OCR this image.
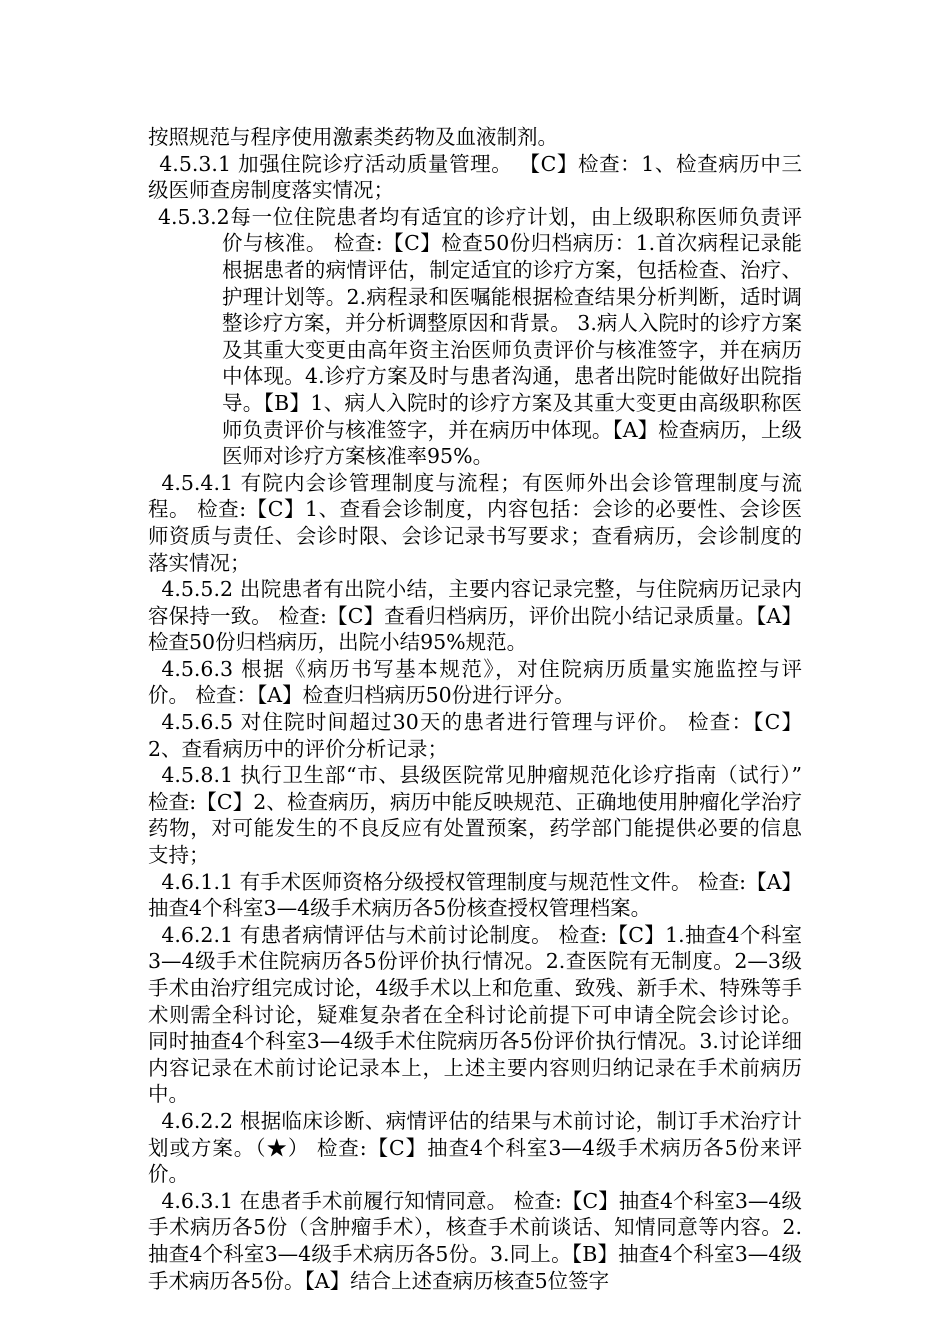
按照规范与程序使用激素类药物及血液制剂。

4.5.3.1 加强住院诊疗活动质量管理。 【C】检查：1、检查病历中三级医师查房制度落实情况；

4.5.3.2每一位住院患者均有适宜的诊疗计划，由上级职称医师负责评价与核准。 检查:【C】检查50份归档病历：1.首次病程记录能根据患者的病情评估，制定适宜的诊疗方案，包括检查、治疗、护理计划等。2.病程录和医嘱能根据检查结果分析判断，适时调整诊疗方案，并分析调整原因和背景。 3.病人入院时的诊疗方案及其重大变更由高年资主治医师负责评价与核准签字，并在病历中体现。4.诊疗方案及时与患者沟通，患者出院时能做好出院指导。【B】1、病人入院时的诊疗方案及其重大变更由高级职称医师负责评价与核准签字，并在病历中体现。【A】检查病历，上级医师对诊疗方案核准率95%。

4.5.4.1 有院内会诊管理制度与流程；有医师外出会诊管理制度与流程。 检查:【C】1、查看会诊制度，内容包括：会诊的必要性、会诊医师资质与责任、会诊时限、会诊记录书写要求；查看病历，会诊制度的落实情况；

4.5.5.2 出院患者有出院小结，主要内容记录完整，与住院病历记录内容保持一致。 检查:【C】查看归档病历，评价出院小结记录质量。【A】检查50份归档病历，出院小结95%规范。

4.5.6.3 根据《病历书写基本规范》，对住院病历质量实施监控与评价。 检查：【A】检查归档病历50份进行评分。

4.5.6.5 对住院时间超过30天的患者进行管理与评价。 检查：【C】2、查看病历中的评价分析记录；

4.5.8.1 执行卫生部“市、县级医院常见肿瘤规范化诊疗指南（试行）” 检查:【C】2、检查病历，病历中能反映规范、正确地使用肿瘤化学治疗药物，对可能发生的不良反应有处置预案，药学部门能提供必要的信息支持；

4.6.1.1 有手术医师资格分级授权管理制度与规范性文件。 检查:【A】抽查4个科室3—4级手术病历各5份核查授权管理档案。

4.6.2.1 有患者病情评估与术前讨论制度。 检查:【C】1.抽查4个科室3—4级手术住院病历各5份评价执行情况。2.查医院有无制度。2—3级手术由治疗组完成讨论，4级手术以上和危重、致残、新手术、特殊等手术则需全科讨论，疑难复杂者在全科讨论前提下可申请全院会诊讨论。同时抽查4个科室3—4级手术住院病历各5份评价执行情况。3.讨论详细内容记录在术前讨论记录本上，上述主要内容则归纳记录在手术前病历中。

4.6.2.2 根据临床诊断、病情评估的结果与术前讨论，制订手术治疗计划或方案。（★） 检查:【C】抽查4个科室3—4级手术病历各5份来评价。

4.6.3.1 在患者手术前履行知情同意。 检查:【C】抽查4个科室3—4级手术病历各5份（含肿瘤手术），核查手术前谈话、知情同意等内容。2.抽查4个科室3—4级手术病历各5份。3.同上。【B】抽查4个科室3—4级手术病历各5份。【A】结合上述查病历核查5位签字
